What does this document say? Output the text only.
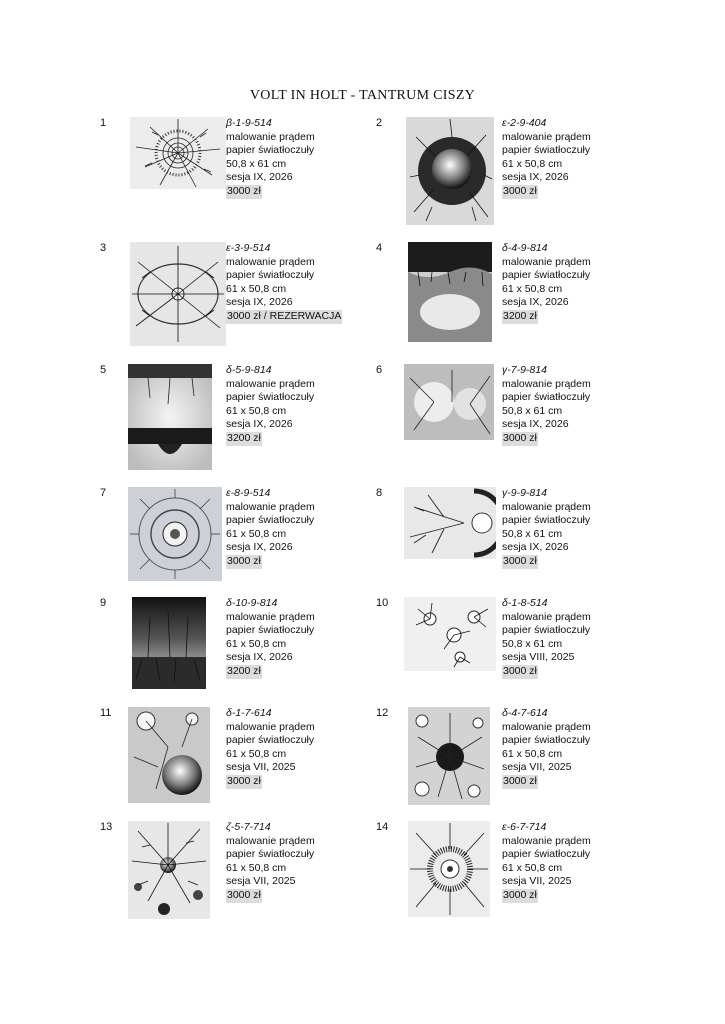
VOLT IN HOLT - TANTRUM CISZY
1	β-1-9-514
malowanie prądem
papier światłoczuły
50,8 x 61 cm
sesja IX, 2026
3000 zł
2	ε-2-9-404
malowanie prądem
papier światłoczuły
61 x 50,8 cm
sesja IX, 2026
3000 zł
3	ε-3-9-514
malowanie prądem
papier światłoczuły
61 x 50,8 cm
sesja IX, 2026
3000 zł / REZERWACJA
4	δ-4-9-814
malowanie prądem
papier światłoczuły
61 x 50,8 cm
sesja IX, 2026
3200 zł
5	δ-5-9-814
malowanie prądem
papier światłoczuły
61 x 50,8 cm
sesja IX, 2026
3200 zł
6	γ-7-9-814
malowanie prądem
papier światłoczuły
50,8 x 61 cm
sesja IX, 2026
3000 zł
7	ε-8-9-514
malowanie prądem
papier światłoczuły
61 x 50,8 cm
sesja IX, 2026
3000 zł
8	γ-9-9-814
malowanie prądem
papier światłoczuły
50,8 x 61 cm
sesja IX, 2026
3000 zł
9	δ-10-9-814
malowanie prądem
papier światłoczuły
61 x 50,8 cm
sesja IX, 2026
3200 zł
10	δ-1-8-514
malowanie prądem
papier światłoczuły
50,8 x 61 cm
sesja VIII, 2025
3000 zł
11	δ-1-7-614
malowanie prądem
papier światłoczuły
61 x 50,8 cm
sesja VII, 2025
3000 zł
12	δ-4-7-614
malowanie prądem
papier światłoczuły
61 x 50,8 cm
sesja VII, 2025
3000 zł
13	ζ-5-7-714
malowanie prądem
papier światłoczuły
61 x 50,8 cm
sesja VII, 2025
3000 zł
14	ε-6-7-714
malowanie prądem
papier światłoczuły
61 x 50,8 cm
sesja VII, 2025
3000 zł
